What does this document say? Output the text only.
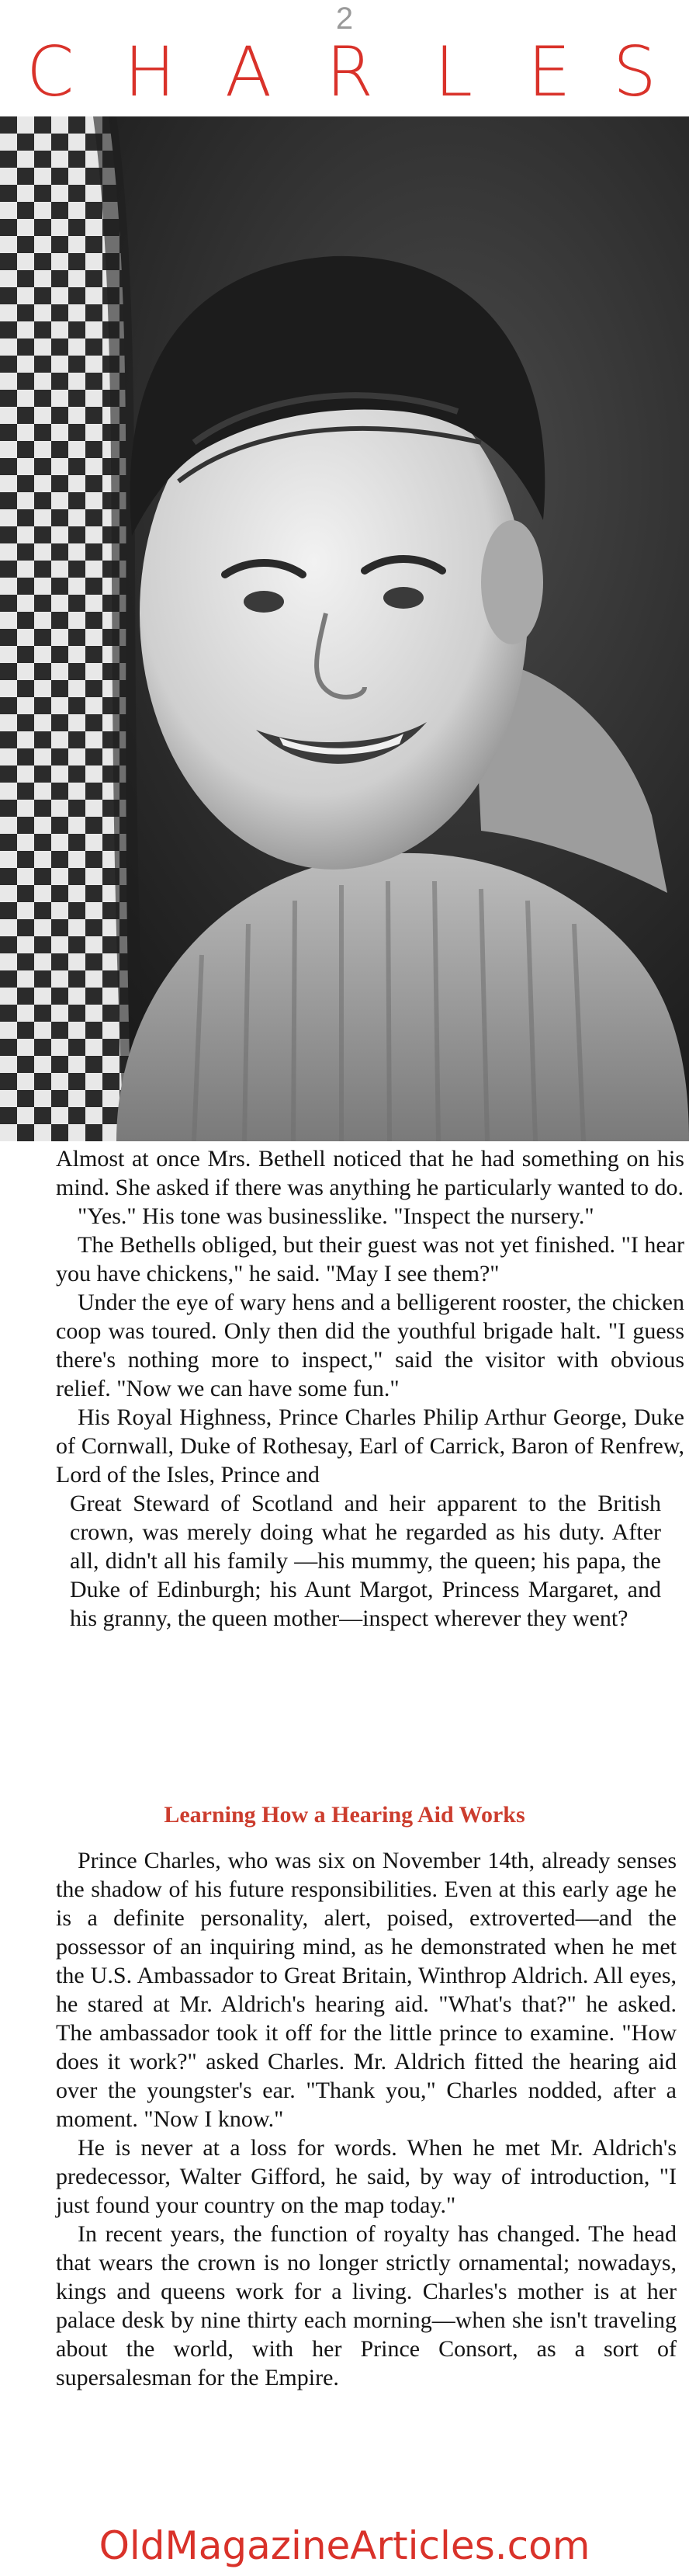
2
C H A R L E S

Almost at once Mrs. Bethell noticed that he had something on his mind. She asked if there was anything he particularly wanted to do.

"Yes." His tone was businesslike. "Inspect the nursery."

The Bethells obliged, but their guest was not yet finished. "I hear you have chickens," he said. "May I see them?"

Under the eye of wary hens and a belligerent rooster, the chicken coop was toured. Only then did the youthful brigade halt. "I guess there's nothing more to inspect," said the visitor with obvious relief. "Now we can have some fun."

His Royal Highness, Prince Charles Philip Arthur George, Duke of Cornwall, Duke of Rothesay, Earl of Carrick, Baron of Renfrew, Lord of the Isles, Prince and

Great Steward of Scotland and heir apparent to the British crown, was merely doing what he regarded as his duty. After all, didn't all his family —his mummy, the queen; his papa, the Duke of Edinburgh; his Aunt Margot, Princess Margaret, and his granny, the queen mother—inspect wherever they went?

Learning How a Hearing Aid Works

Prince Charles, who was six on November 14th, already senses the shadow of his future responsibilities. Even at this early age he is a definite personality, alert, poised, extroverted—and the possessor of an inquiring mind, as he demonstrated when he met the U.S. Ambassador to Great Britain, Winthrop Aldrich. All eyes, he stared at Mr. Aldrich's hearing aid. "What's that?" he asked. The ambassador took it off for the little prince to examine. "How does it work?" asked Charles. Mr. Aldrich fitted the hearing aid over the youngster's ear. "Thank you," Charles nodded, after a moment. "Now I know."

He is never at a loss for words. When he met Mr. Aldrich's predecessor, Walter Gifford, he said, by way of introduction, "I just found your country on the map today."

In recent years, the function of royalty has changed. The head that wears the crown is no longer strictly ornamental; nowadays, kings and queens work for a living. Charles's mother is at her palace desk by nine thirty each morning—when she isn't traveling about the world, with her Prince Consort, as a sort of supersalesman for the Empire.

OldMagazineArticles.com
